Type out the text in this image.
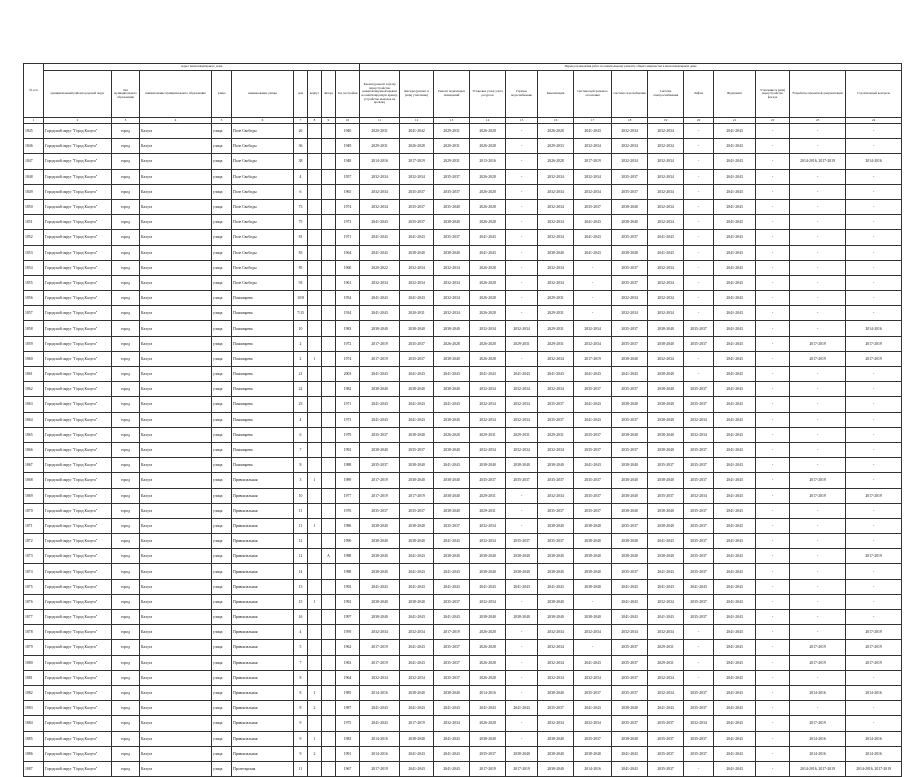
№ п/п	Адрес многоквартирного дома									Период проведения работ по капитальному ремонту общего имущества в многоквартирном доме													
	муниципальный район/городской округ	тип муниципального образования	наименование муниципального образования	улица	наименование улицы	дом	корпус	литера	Год постройки	Кровля (ремонт и (или) переустройство невентилируемой крыши на вентилируемую крышу, устройство выходов на кровлю)	Фасады (ремонт и (или) утепление)	Ремонт подвальных помещений	Установка узлов учета ресурсов	Горячее водоснабжение	Канализация	Система центрального отопления	Система газоснабжения	Система электроснабжения	Лифты	Фундамент	Утепление и (или) переустройство фасада	Разработка проектной документации	Строительный контроль
1	2	3	4	5	6	7	8	9	10	11	12	13	14	15	16	17	18	19	20	21	22	23	24
1845	Городской округ "Город Калуга"	город	Калуга	улица	Поле Свободы	26			1940	2020-2031	2041-2042	2029-2031	2026-2028	-	2026-2028	2041-2043	2032-2034	2032-2034	-	2041-2043	-	-	-
1846	Городской округ "Город Калуга"	город	Калуга	улица	Поле Свободы	36			1949	2029-2031	2026-2028	2020-2031	2026-2028	-	2029-2033	2032-2034	2032-2034	2032-2034	-	2041-2043	-	-	-
1847	Городской округ "Город Калуга"	город	Калуга	улица	Поле Свободы	38			1948	2014-2016	2017-2019	2029-2031	2013-2016	-	2026-2028	2017-2019	2032-2034	2032-2034	-	2041-2043	-	2014-2016, 2017-2019	2014-2016
1848	Городской округ "Город Калуга"	город	Калуга	улица	Поле Свободы	4			1957	2032-2034	2032-2034	2035-2037	2026-2028	-	2032-2034	2032-2034	2035-2037	2032-2034	-	2041-2043	-	-	-
1849	Городской округ "Город Калуга"	город	Калуга	улица	Поле Свободы	6			1965	2032-2034	2035-2037	2035-2037	2026-2028	-	2032-2034	2032-2034	2035-2037	2032-2034	-	2041-2043	-	-	-
1850	Городской округ "Город Калуга"	город	Калуга	улица	Поле Свободы	73			1974	2032-2034	2035-2037	2035-2040	2026-2028	-	2032-2034	2035-2037	2038-2040	2032-2034	-	2041-2043	-	-	-
1851	Городской округ "Город Калуга"	город	Калуга	улица	Поле Свободы	75			1973	2041-2043	2035-2037	2038-2040	2026-2028	-	2032-2034	2041-2043	2038-2040	2032-2034	-	2041-2043	-	-	-
1852	Городской округ "Город Калуга"	город	Калуга	улица	Поле Свободы	81			1971	2041-2043	2041-2043	2035-2037	2041-2043	-	2032-2034	2041-2043	2035-2037	2041-2043	-	2041-2043	-	-	-
1853	Городской округ "Город Калуга"	город	Калуга	улица	Поле Свободы	83			1964	2041-2043	2038-2040	2038-2040	2041-2043	-	2038-2040	2041-2043	2038-2040	2041-2043	-	2041-2043	-	-	-
1854	Городской округ "Город Калуга"	город	Калуга	улица	Поле Свободы	85			1960	2020-2022	2032-2034	2032-2034	2026-2028	-	2032-2034	-	2035-2037	2032-2034	-	2041-2043	-	-	-
1855	Городской округ "Город Калуга"	город	Калуга	улица	Поле Свободы	93			1961	2032-2034	2032-2034	2032-2034	2026-2028	-	2032-2034	-	2035-2037	2032-2034	-	2041-2043	-	-	-
1856	Городской округ "Город Калуга"	город	Калуга	улица	Пономарева	10/8			1954	2041-2043	2041-2043	2032-2034	2026-2028	-	2029-2031	-	2032-2034	2032-2034	-	2041-2043	-	-	-
1857	Городской округ "Город Калуга"	город	Калуга	улица	Пономарева	7/15			1934	2041-2043	2020-2031	2032-2034	2026-2028	-	2029-2031	-	2032-2034	2032-2034	-	2041-2043	-	-	-
1858	Городской округ "Город Калуга"	город	Калуга	улица	Пономарева	10			1983	2038-2040	2038-2040	2038-2040	2032-2034	2032-2034	2029-2031	2032-2034	2035-2037	2038-2040	2035-2037	2041-2043	-	-	2014-2016
1859	Городской округ "Город Калуга"	город	Калуга	улица	Пономарева	2			1972	2017-2019	2035-2037	2026-2028	2026-2028	2029-2031	2029-2031	2032-2034	2035-2037	2038-2040	2035-2037	2041-2043	-	2017-2019	2017-2019
1860	Городской округ "Город Калуга"	город	Калуга	улица	Пономарева	2	1		1974	2017-2019	2035-2037	2038-2040	2026-2028	-	2032-2034	2017-2019	2038-2040	2032-2034	-	2041-2043	-	2017-2019	2017-2019
1861	Городской округ "Город Калуга"	город	Калуга	улица	Пономарева	21			2003	2041-2043	2041-2043	2041-2043	2041-2043	2041-2043	2041-2043	2041-2043	2041-2043	2038-2040	-	2041-2043	-	-	-
1862	Городской округ "Город Калуга"	город	Калуга	улица	Пономарева	22			1982	2038-2040	2038-2040	2038-2040	2032-2034	2032-2034	2032-2034	2035-2037	2035-2037	2038-2040	2035-2037	2041-2043	-	-	-
1863	Городской округ "Город Калуга"	город	Калуга	улица	Пономарева	23			1971	2041-2043	2041-2043	2041-2043	2032-2034	2032-2034	2035-2037	2041-2043	2038-2040	2038-2040	2035-2037	2041-2043	-	-	-
1864	Городской округ "Город Калуга"	город	Калуга	улица	Пономарева	4			1973	2041-2043	2041-2043	2038-2040	2032-2034	2032-2034	2035-2037	2041-2043	2035-2037	2038-2040	2032-2034	2041-2043	-	-	-
1865	Городской округ "Город Калуга"	город	Калуга	улица	Пономарева	6			1979	2035-2037	2038-2040	2026-2028	2029-2031	2029-2031	2029-2031	2035-2037	2038-2040	2038-2040	2032-2034	2041-2043	-	-	-
1866	Городской округ "Город Калуга"	город	Калуга	улица	Пономарева	7			1992	2038-2040	2035-2037	2038-2040	2032-2034	2032-2034	2032-2034	2035-2037	2035-2037	2038-2040	2035-2037	2041-2043	-	-	-
1867	Городской округ "Город Калуга"	город	Калуга	улица	Пономарева	8			1988	2035-2037	2038-2040	2041-2043	2038-2040	2038-2040	2038-2040	2041-2043	2038-2040	2035-2037	2035-2037	2041-2043	-	-	-
1868	Городской округ "Город Калуга"	город	Калуга	улица	Привокзальная	3	1		1989	2017-2019	2038-2040	2038-2040	2035-2037	2035-2037	2035-2037	2035-2037	2038-2040	2038-2040	2035-2037	2041-2043	-	2017-2019	-
1869	Городской округ "Город Калуга"	город	Калуга	улица	Привокзальная	10			1977	2017-2019	2017-2019	2038-2040	2029-2031	-	2032-2034	2035-2037	2038-2040	2035-2037	2032-2034	2041-2043	-	2017-2019	2017-2019
1870	Городской округ "Город Калуга"	город	Калуга	улица	Привокзальная	11			1976	2035-2037	2035-2037	2038-2040	2029-2031	-	2035-2037	2035-2037	2038-2040	2038-2040	2035-2037	2041-2043	-	-	-
1871	Городской округ "Город Калуга"	город	Калуга	улица	Привокзальная	11	1		1986	2038-2040	2038-2040	2035-2037	2032-2034	-	2038-2040	2038-2040	2035-2037	2038-2040	2035-2037	2041-2043	-	-	-
1872	Городской округ "Город Калуга"	город	Калуга	улица	Привокзальная	12			1990	2038-2040	2038-2040	2041-2043	2032-2034	2035-2037	2035-2037	2038-2040	2038-2040	2041-2043	2035-2037	2041-2043	-	-	-
1873	Городской округ "Город Калуга"	город	Калуга	улица	Привокзальная	12		А	1988	2038-2040	2041-2043	2038-2040	2038-2040	2038-2040	2038-2040	2038-2040	2038-2040	2038-2040	2035-2037	2041-2043	-	-	2017-2019
1874	Городской округ "Город Калуга"	город	Калуга	улица	Привокзальная	14			1988	2038-2040	2041-2043	2041-2043	2038-2040	2038-2040	2038-2040	2038-2040	2035-2037	2041-2043	2035-2037	2041-2043	-	-	-
1875	Городской округ "Город Калуга"	город	Калуга	улица	Привокзальная	15			1992	2041-2043	2041-2043	2041-2043	2041-2043	2041-2043	2041-2043	2038-2040	2041-2043	2041-2043	2041-2043	2041-2043	-	-	-
1876	Городской округ "Город Калуга"	город	Калуга	улица	Привокзальная	15	1		1992	2038-2040	2038-2040	2035-2037	2032-2034	-	2038-2040	-	2041-2043	2032-2034	2035-2037	2041-2043	-	-	-
1877	Городской округ "Город Калуга"	город	Калуга	улица	Привокзальная	16			1997	2038-2040	2041-2043	2041-2043	2038-2040	2038-2040	2038-2040	2038-2040	2041-2043	2041-2043	2035-2037	2041-2043	-	-	-
1878	Городской округ "Город Калуга"	город	Калуга	улица	Привокзальная	4			1959	2032-2034	2032-2034	2017-2019	2026-2028	-	2032-2034	2032-2034	2032-2034	2032-2034	-	2041-2043	-	-	2017-2019
1879	Городской округ "Город Калуга"	город	Калуга	улица	Привокзальная	5			1962	2017-2019	2041-2043	2035-2037	2026-2028	-	2032-2034	-	2035-2037	2029-2031	-	2041-2043	-	2017-2019	2017-2019
1880	Городской округ "Город Калуга"	город	Калуга	улица	Привокзальная	7			1963	2017-2019	2041-2043	2035-2037	2026-2028	-	2032-2034	2041-2043	2035-2037	2029-2031	-	2041-2043	-	2017-2019	2017-2019
1881	Городской округ "Город Калуга"	город	Калуга	улица	Привокзальная	8			1964	2032-2034	2032-2034	2035-2037	2026-2028	-	2032-2034	2032-2034	2035-2037	2032-2034	-	2041-2043	-	-	-
1882	Городской округ "Город Калуга"	город	Калуга	улица	Привокзальная	8	1		1985	2014-2016	2038-2040	2038-2040	2014-2016	-	2038-2040	2035-2037	2035-2037	2032-2034	2035-2037	2041-2043	-	2014-2016	2014-2016
1883	Городской округ "Город Калуга"	город	Калуга	улица	Привокзальная	8	2		1987	2041-2043	2041-2043	2041-2043	2041-2043	2041-2043	2035-2037	2041-2043	2038-2040	2041-2043	2035-2037	2041-2043	-	-	-
1884	Городской округ "Город Калуга"	город	Калуга	улица	Привокзальная	9			1975	2041-2043	2017-2019	2032-2034	2026-2028	-	2032-2034	2032-2034	2035-2037	2035-2037	2032-2034	2041-2043	-	2017-2019	-
1885	Городской округ "Город Калуга"	город	Калуга	улица	Привокзальная	9	1		1983	2014-2016	2038-2040	2041-2043	2038-2040	-	2038-2040	2035-2037	2038-2040	2035-2037	2035-2037	2041-2043	-	2014-2016	2014-2016
1886	Городской округ "Город Калуга"	город	Калуга	улица	Привокзальная	9	2		1991	2014-2016	2041-2043	2041-2043	2035-2037	2038-2040	2038-2040	2038-2040	2041-2043	2035-2037	2035-2037	2041-2043	-	2014-2016	2014-2016
1887	Городской округ "Город Калуга"	город	Калуга	улица	Пролетарская	11			1967	2017-2019	2041-2043	2041-2043	2017-2019	2017-2019	2038-2040	2014-2016	2041-2043	2035-2037	-	2041-2043	-	2014-2016, 2017-2019	2014-2016, 2017-2019
